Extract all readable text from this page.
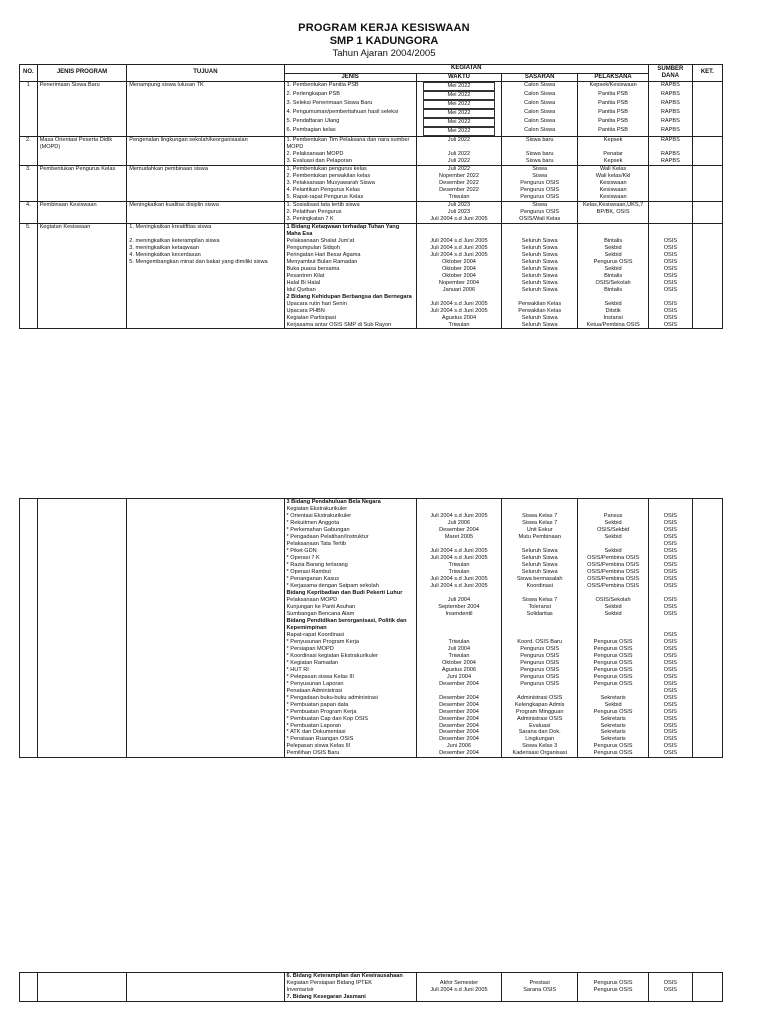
PROGRAM KERJA KESISWAAN
SMP 1 KADUNGORA
Tahun Ajaran 2004/2005
NO.	JENIS PROGRAM	TUJUAN	KEGIATAN				SUMBER DANA	KET.
			JENIS	WAKTU	SASARAN	PELAKSANA		
1	Penerimaan Siswa Baru	Menampung siswa lulusan TK	1. Pembentukan Panitia PSB	Mei 2022	Calon Siswa	Kepsek/Kesiswaan	RAPBS	
			2. Perlengkapan PSB	Mei 2022	Calon Siswa	Panitia PSB	RAPBS	
			3. Seleksi Penerimaan Siswa Baru	Mei 2022	Calon Siswa	Panitia PSB	RAPBS	
			4. Pengumuman/pemberitahuan hasil seleksi	Mei 2022	Calon Siswa	Panitia PSB	RAPBS	
			5. Pendaftaran Ulang	Mei 2022	Calon Siswa	Panitia PSB	RAPBS	
			6. Pembagian kelas	Mei 2022	Calon Siswa	Panitia PSB	RAPBS	
2.	Masa Orientasi Peserta Didik (MOPD)	Pengenalan lingkungan sekolah/keorganisasian	1. Pembentukan Tim Pelaksana dan nara sumber MOPD	Juli 2022	Siswa baru	Kepsek	RAPBS	
			2. Pelaksanaan MOPD	Juli 2022	Siswa baru	Penatar	RAPBS	
			3. Evaluasi dan Pelaporan	Juli 2022	Siswa baru	Kepsek	RAPBS	
3.	Pembentukan Pengurus Kelas	Memudahkan pembinaan siswa	1. Pembentukan pengurus kelas	Juli 2022	Siswa	Wali Kelas		
			2. Pembentukan perwakilan kelas	Nopember 2022	Siswa	Wali kelas/Kkl		
			3. Pelaksanaan Musyawarah Siswa	Desember 2022	Pengurus OSIS	Kesiswaan		
			4. Pelantikan Pengurus Kelas	Desember 2022	Pengurus OSIS	Kesiswaan		
			5. Rapat-rapat Pengurus Kelas	Triwulan	Pengurus OSIS	Kesiswaan		
4.	Pembinaan Kesiswaan	Meningkatkan kualitas disiplin siswa	1. Sosialisasi tata tertib siswa	Juli 2023	Siswa	Kelas,Kesiswaan,UKS,7		
			2. Pelatihan Pengurus	Juli 2023	Pengurus OSIS	BP/BK, OSIS		
			3. Peningkatan 7 K	Juli 2004 s.d Juni 2005	OSIS/Wali Kelas			
5.	Kegiatan Kesiswaan	1. Meningkatkan kreatifitas siswa	1 Bidang Ketaqwaan terhadap Tuhan Yang Maha Esa					
		2. meningkatkan keterampilan siswa	Pelaksanaan Shalat Jum'at	Juli 2004 s.d Juni 2005	Seluruh Siswa	Bintalis	OSIS	
		3. meningkatkan ketaqwaan	Pengumpulan Sidqoh	Juli 2004 s.d Juni 2005	Seluruh Siswa	Sekbid	OSIS	
		4. Meningkatkan kecerdasan	Peringatan Hari Besar Agama	Juli 2004 s.d Juni 2005	Seluruh Siswa	Sekbid	OSIS	
		5. Mengembangkan minat dan bakat yang dimiliki siswa	Menyambut Bulan Ramadan	Oktober 2004	Seluruh Siswa	Pengurus OSIS	OSIS	
			Buka puasa bersama	Oktober 2004	Seluruh Siswa	Sekbid	OSIS	
			Pesantren Kilat	Oktober 2004	Seluruh Siswa	Bintalis	OSIS	
			Halal Bi Halal	Nopember 2004	Seluruh Siswa	OSIS/Sekolah	OSIS	
			Idul Qurban	Januari 2006	Seluruh Siswa	Bintalis	OSIS	
			2 Bidang Kehidupan Berbangsa dan Bernegara					
			Upacara rutin hari Senin	Juli 2004 s.d Juni 2005	Perwakilan Kelas	Sekbid	OSIS	
			Upacara PHBN	Juli 2004 s.d Juni 2005	Perwakilan Kelas	Ditstik	OSIS	
			Kegiatan Partisipasi	Agustus 2004	Seluruh Siswa	Instansi	OSIS	
			Kerjasama antar OSIS SMP di Sub Rayon	Triwulan	Seluruh Siswa	Ketua/Pembina OSIS	OSIS	
			3 Bidang Pendahuluan Bela Negara					
			Kegiatan Ekstrakurikuler					
			* Orientasi Ekstrakurikuler	Juli 2004 s.d Juni 2005	Siswa Kelas 7	Pansus	OSIS	
			* Rekuitmen Anggota	Juli 2006	Siswa Kelas 7	Sekbid	OSIS	
			* Perkemahan Gabungan	Desember 2004	Unit Eskur	OSIS/Sekbid	OSIS	
			* Pengadaan Pelatihan/Instruktur	Maret 2005	Mutu Pembinaan	Sekbid	OSIS	
			Pelaksanaan Tata Tertib				OSIS	
			* Piket GDN	Juli 2004 s.d Juni 2005	Seluruh Siswa	Sekbid	OSIS	
			* Operasi 7 K	Juli 2004 s.d Juni 2005	Seluruh Siswa	OSIS/Pembina OSIS	OSIS	
			* Razia Barang terlarang	Triwulan	Seluruh Siswa	OSIS/Pembina OSIS	OSIS	
			* Operasi Rambut	Triwulan	Seluruh Siswa	OSIS/Pembina OSIS	OSIS	
			* Penanganan Kasus	Juli 2004 s.d Juni 2005	Siswa bermasalah	OSIS/Pembina OSIS	OSIS	
			* Kerjasama dengan Satpam sekolah	Juli 2004 s.d Juni 2005	Koordinasi	OSIS/Pembina OSIS	OSIS	
			Bidang Kepribadian dan Budi Pekerti Luhur					
			Pelaksanaan MOPD	Juli 2004	Siswa Kelas 7	OSIS/Sekolah	OSIS	
			Kunjungan ke Panti Asuhan	September 2004	Toleransi	Sekbid	OSIS	
			Sumbangan Bencana Alam	Insendentil	Solidaritas	Sekbid	OSIS	
			Bidang Pendidikan berorganisasi, Politik dan Kepemimpinan					
			Rapat-rapat Koordinasi				OSIS	
			* Penyusunan Program Kerja	Triwulan	Koord. OSIS Baru	Pengurus OSIS	OSIS	
			* Persiapan MOPD	Juli 2004	Pengurus OSIS	Pengurus OSIS	OSIS	
			* Koordinasi kegiatan Ekstrakurikuler	Triwulan	Pengurus OSIS	Pengurus OSIS	OSIS	
			* Kegiatan Ramadan	Oktober 2004	Pengurus OSIS	Pengurus OSIS	OSIS	
			* HUT RI	Agustus 2006	Pengurus OSIS	Pengurus OSIS	OSIS	
			* Pelepasan siswa Kelas III	Juni 2004	Pengurus OSIS	Pengurus OSIS	OSIS	
			* Penyusunan Laporan	Desember 2004	Pengurus OSIS	Pengurus OSIS	OSIS	
			Penataan Administrasi				OSIS	
			* Pengadaan buku-buku administrasi	Desember 2004	Administrasi OSIS	Sekretaris	OSIS	
			* Pembuatan papan data	Desember 2004	Kelengkapan Admis	Sekbid	OSIS	
			* Pembuatan Program Kerja	Desember 2004	Program Mingguan	Pengurus OSIS	OSIS	
			* Pembuatan Cap dan Kop OSIS	Desember 2004	Administrasi OSIS	Sekretaris	OSIS	
			* Pembuatan Laporan	Desember 2004	Evaluasi	Sekretaris	OSIS	
			* ATK dan Dokumentasi	Desember 2004	Sarana dan Dok.	Sekretaris	OSIS	
			* Penataan Ruangan OSIS	Desember 2004	Lingkungan	Sekretaris	OSIS	
			Pelepasan siswa Kelas III	Juni 2006	Siswa Kelas 3	Pengurus OSIS	OSIS	
			Pemilihan OSIS Baru	Desember 2004	Kaderisasi Organisasi	Pengurus OSIS	OSIS	
			6. Bidang Keterampilan dan Kewirausahaan					
			Kegiatan Persiapan Bidang IPTEK	Akhir Semester	Prestasi	Pengurus OSIS	OSIS	
			Inventarisir	Juli 2004 s.d Juni 2005	Sarana OSIS	Pengurus OSIS	OSIS	
			7. Bidang Kesegaran Jasmani					
